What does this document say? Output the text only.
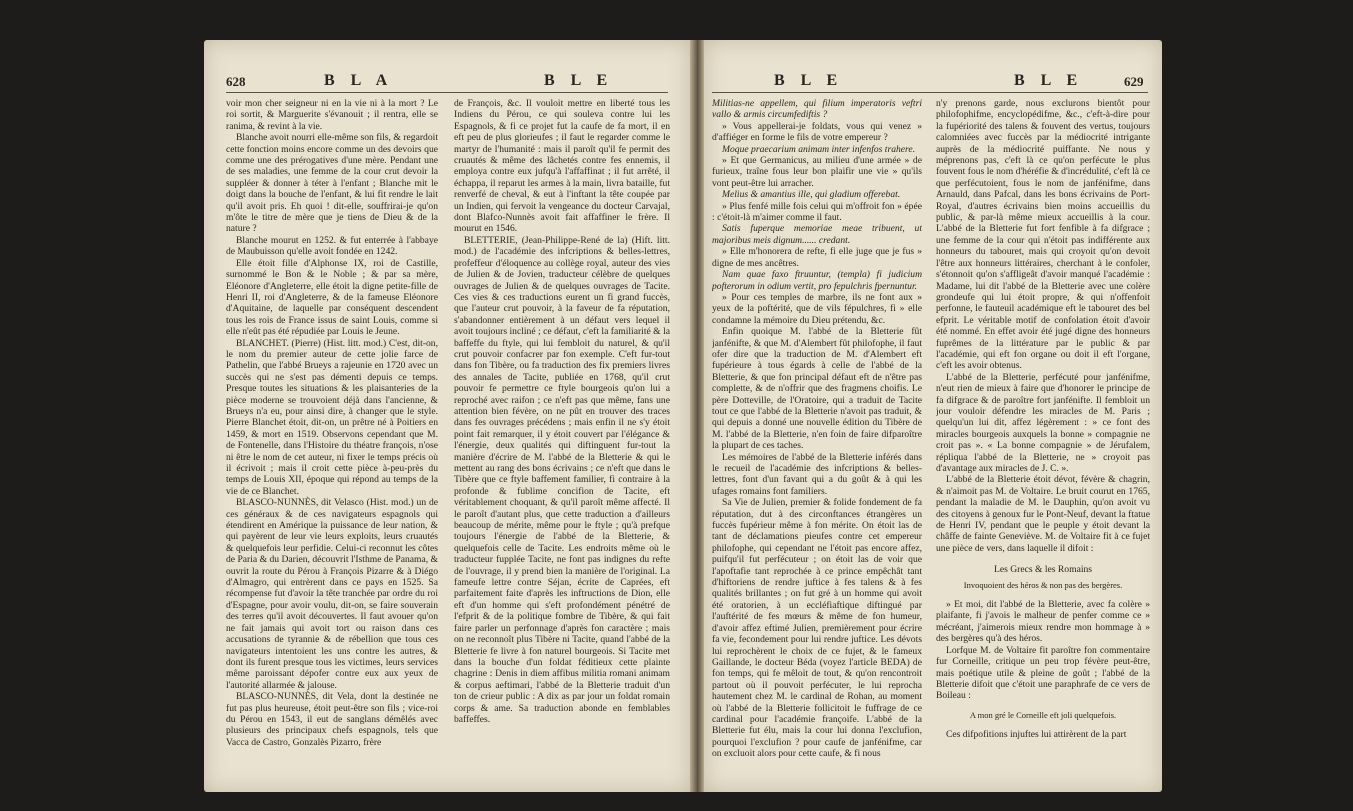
628	B L A	B L E

voir mon cher seigneur ni en la vie ni à la mort ? Le roi sortit, & Marguerite s'évanouit ; il rentra, elle se ranima, & revint à la vie.

Blanche avoit nourri elle-même son fils, & regardoit cette fonction moins encore comme un des devoirs que comme une des prérogatives d'une mère. Pendant une de ses maladies, une femme de la cour crut devoir la suppléer & donner à téter à l'enfant ; Blanche mit le doigt dans la bouche de l'enfant, & lui fit rendre le lait qu'il avoit pris. Eh quoi ! dit-elle, souffrirai-je qu'on m'ôte le titre de mère que je tiens de Dieu & de la nature ?

Blanche mourut en 1252. & fut enterrée à l'abbaye de Maubuisson qu'elle avoit fondée en 1242.

Elle étoit fille d'Alphonse IX, roi de Castille, surnommé le Bon & le Noble ; & par sa mère, Eléonore d'Angleterre, elle étoit la digne petite-fille de Henri II, roi d'Angleterre, & de la fameuse Eléonore d'Aquitaine, de laquelle par conséquent descendent tous les rois de France issus de saint Louis, comme si elle n'eût pas été répudiée par Louis le Jeune.

BLANCHET. (Pierre) (Hist. litt. mod.) C'est, dit-on, le nom du premier auteur de cette jolie farce de Pathelin, que l'abbé Brueys a rajeunie en 1720 avec un succès qui ne s'est pas démenti depuis ce temps. Presque toutes les situations & les plaisanteries de la pièce moderne se trouvoient déjà dans l'ancienne, & Brueys n'a eu, pour ainsi dire, à changer que le style. Pierre Blanchet étoit, dit-on, un prêtre né à Poitiers en 1459, & mort en 1519. Observons cependant que M. de Fontenelle, dans l'Histoire du théatre françois, n'ose ni être le nom de cet auteur, ni fixer le temps précis où il écrivoit ; mais il croit cette pièce à-peu-près du temps de Louis XII, époque qui répond au temps de la vie de ce Blanchet.

BLASCO-NUNNÈS, dit Velasco (Hist. mod.) un de ces généraux & de ces navigateurs espagnols qui étendirent en Amérique la puissance de leur nation, & qui payèrent de leur vie leurs exploits, leurs cruautés & quelquefois leur perfidie. Celui-ci reconnut les côtes de Paria & du Darien, découvrit l'Isthme de Panama, & ouvrit la route du Pérou à François Pizarre & à Diégo d'Almagro, qui entrèrent dans ce pays en 1525. Sa récompense fut d'avoir la tête tranchée par ordre du roi d'Espagne, pour avoir voulu, dit-on, se faire souverain des terres qu'il avoit découvertes. Il faut avouer qu'on ne fait jamais qui avoit tort ou raison dans ces accusations de tyrannie & de rébellion que tous ces navigateurs intentoient les uns contre les autres, & dont ils furent presque tous les victimes, leurs services même paroissant dépofer contre eux aux yeux de l'autorité allarmée & jalouse.

BLASCO-NUNNÈS, dit Vela, dont la destinée ne fut pas plus heureuse, étoit peut-être son fils ; vice-roi du Pérou en 1543, il eut de sanglans démêlés avec plusieurs des principaux chefs espagnols, tels que Vacca de Castro, Gonzalès Pizarro, frère

de François, &c. Il vouloit mettre en liberté tous les Indiens du Pérou, ce qui souleva contre lui les Espagnols, & fi ce projet fut la caufe de fa mort, il en eft peu de plus glorieufes ; il faut le regarder comme le martyr de l'humanité : mais il paroît qu'il fe permit des cruautés & même des lâchetés contre fes ennemis, il employa contre eux jufqu'à l'affaffinat ; il fut arrêté, il échappa, il reparut les armes à la main, livra bataille, fut renverfé de cheval, & eut à l'inftant la tête coupée par un Indien, qui fervoit la vengeance du docteur Carvajal, dont Blafco-Nunnès avoit fait affaffiner le frère. Il mourut en 1546.

BLETTERIE, (Jean-Philippe-René de la) (Hift. litt. mod.) de l'académie des infcriptions & belles-lettres, profeffeur d'éloquence au collège royal, auteur des vies de Julien & de Jovien, traducteur célèbre de quelques ouvrages de Julien & de quelques ouvrages de Tacite. Ces vies & ces traductions eurent un fi grand fuccès, que l'auteur crut pouvoir, à la faveur de fa réputation, s'abandonner entièrement à un défaut vers lequel il avoit toujours incliné ; ce défaut, c'eft la familiarité & la baffeffe du ftyle, qui lui fembloit du naturel, & qu'il crut pouvoir confacrer par fon exemple. C'eft fur-tout dans fon Tibère, ou fa traduction des fix premiers livres des annales de Tacite, publiée en 1768, qu'il crut pouvoir fe permettre ce ftyle bourgeois qu'on lui a reproché avec raifon ; ce n'eft pas que même, fans une attention bien févère, on ne pût en trouver des traces dans fes ouvrages précédens ; mais enfin il ne s'y étoit point fait remarquer, il y étoit couvert par l'élégance & l'énergie, deux qualités qui diftinguent fur-tout la manière d'écrire de M. l'abbé de la Bletterie & qui le mettent au rang des bons écrivains ; ce n'eft que dans le Tibère que ce ftyle baffement familier, fi contraire à la profonde & fublime concifion de Tacite, eft véritablement choquant, & qu'il paroît même affecté. Il le paroît d'autant plus, que cette traduction a d'ailleurs beaucoup de mérite, même pour le ftyle ; qu'à prefque toujours l'énergie de l'abbé de la Bletterie, & quelquefois celle de Tacite. Les endroits même où le traducteur fupplée Tacite, ne font pas indignes du refte de l'ouvrage, il y prend bien la manière de l'original. La fameufe lettre contre Séjan, écrite de Caprées, eft parfaitement faite d'après les inftructions de Dion, elle eft d'un homme qui s'eft profondément pénétré de l'efprit & de la politique fombre de Tibère, & qui fait faire parler un perfonnage d'après fon caractère ; mais on ne reconnoît plus Tibère ni Tacite, quand l'abbé de la Bletterie fe livre à fon naturel bourgeois. Si Tacite met dans la bouche d'un foldat féditieux cette plainte chagrine : Denis in diem affibus militia romani animam & corpus aeftimari, l'abbé de la Bletterie traduit d'un ton de crieur public : A dix as par jour un foldat romain corps & ame. Sa traduction abonde en femblables baffeffes.

B L E	B L E	629

Militias-ne appellem, qui filium imperatoris veftri vallo & armis circumfediftis ?

» Vous appellerai-je foldats, vous qui venez » d'affiéger en forme le fils de votre empereur ?

Moque praecarium animam inter infenfos trahere.

» Et que Germanicus, au milieu d'une armée » de furieux, traîne fous leur bon plaifir une vie » qu'ils vont peut-être lui arracher.

Melius & amantius ille, qui gladium offerebat.

» Plus fenfé mille fois celui qui m'offroit fon » épée : c'étoit-là m'aimer comme il faut.

Satis fuperque memoriae meae tribuent, ut majoribus meis dignum...... credant.

» Elle m'honorera de refte, fi elle juge que je fus » digne de mes ancêtres.

Nam quae faxo ftruuntur, (templa) fi judicium pofterorum in odium vertit, pro fepulchris fpernuntur.

» Pour ces temples de marbre, ils ne font aux » yeux de la poftérité, que de vils fépulchres, fi » elle condamne la mémoire du Dieu prétendu, &c.

Enfin quoique M. l'abbé de la Bletterie fût janfénifte, & que M. d'Alembert fût philofophe, il faut ofer dire que la traduction de M. d'Alembert eft fupérieure à tous égards à celle de l'abbé de la Bletterie, & que fon principal défaut eft de n'être pas complette, & de n'offrir que des fragmens choifis. Le père Dotteville, de l'Oratoire, qui a traduit de Tacite tout ce que l'abbé de la Bletterie n'avoit pas traduit, & qui depuis a donné une nouvelle édition du Tibère de M. l'abbé de la Bletterie, n'en foin de faire difparoître la plupart de ces taches.

Les mémoires de l'abbé de la Bletterie inférés dans le recueil de l'académie des infcriptions & belles-lettres, font d'un favant qui a du goût & à qui les ufages romains font familiers.

Sa Vie de Julien, premier & folide fondement de fa réputation, dut à des circonftances étrangères un fuccès fupérieur même à fon mérite. On étoit las de tant de déclamations pieufes contre cet empereur philofophe, qui cependant ne l'étoit pas encore affez, puifqu'il fut perfécuteur ; on étoit las de voir que l'apoftafie tant reprochée à ce prince empêchât tant d'hiftoriens de rendre juftice à fes talens & à fes qualités brillantes ; on fut gré à un homme qui avoit été oratorien, à un eccléfiaftique diftingué par l'auftérité de fes mœurs & même de fon humeur, d'avoir affez eftimé Julien, premièrement pour écrire fa vie, fecondement pour lui rendre juftice. Les dévots lui reprochèrent le choix de ce fujet, & le fameux Gaillande, le docteur Béda (voyez l'article BEDA) de fon temps, qui fe mêloit de tout, & qu'on rencontroit partout où il pouvoit perfécuter, le lui reprocha hautement chez M. le cardinal de Rohan, au moment où l'abbé de la Bletterie follicitoit le fuffrage de ce cardinal pour l'académie françoife. L'abbé de la Bletterie fut élu, mais la cour lui donna l'exclufion, pourquoi l'exclufion ? pour caufe de janfénifme, car on excluoit alors pour cette caufe, & fi nous

n'y prenons garde, nous exclurons bientôt pour philofophifme, encyclopédifme, &c., c'eft-à-dire pour la fupériorité des talens & fouvent des vertus, toujours calomniées avec fuccès par la médiocrité intrigante auprès de la médiocrité puiffante. Ne nous y méprenons pas, c'eft là ce qu'on perfécute le plus fouvent fous le nom d'héréfie & d'incrédulité, c'eft là ce que perfécutoient, fous le nom de janfénifme, dans Arnauld, dans Pafcal, dans les bons écrivains de Port-Royal, d'autres écrivains bien moins accueillis du public, & par-là même mieux accueillis à la cour. L'abbé de la Bletterie fut fort fenfible à fa difgrace ; une femme de la cour qui n'étoit pas indifférente aux honneurs du tabouret, mais qui croyoit qu'on devoit l'être aux honneurs littéraires, cherchant à le confoler, s'étonnoit qu'on s'affligeât d'avoir manqué l'académie : Madame, lui dit l'abbé de la Bletterie avec une colère grondeufe qui lui étoit propre, & qui n'offenfoit perfonne, le fauteuil académique eft le tabouret des bel efprit. Le véritable motif de confolation étoit d'avoir été nommé. En effet avoir été jugé digne des honneurs fuprêmes de la littérature par le public & par l'académie, qui eft fon organe ou doit il eft l'organe, c'eft les avoir obtenus.

L'abbé de la Bletterie, perfécuté pour janfénifme, n'eut rien de mieux à faire que d'honorer le principe de fa difgrace & de paroître fort janfénifte. Il fembloit un jour vouloir défendre les miracles de M. Paris ; quelqu'un lui dit, affez légèrement : » ce font des miracles bourgeois auxquels la bonne » compagnie ne croit pas ». « La bonne compagnie » de Jérufalem, répliqua l'abbé de la Bletterie, ne » croyoit pas d'avantage aux miracles de J. C. ».

L'abbé de la Bletterie étoit dévot, févère & chagrin, & n'aimoit pas M. de Voltaire. Le bruit courut en 1765, pendant la maladie de M. le Dauphin, qu'on avoit vu des citoyens à genoux fur le Pont-Neuf, devant la ftatue de Henri IV, pendant que le peuple y étoit devant la châffe de fainte Geneviève. M. de Voltaire fit à ce fujet une pièce de vers, dans laquelle il difoit :

Les Grecs & les Romains

Invoquoient des héros & non pas des bergères.

» Et moi, dit l'abbé de la Bletterie, avec fa colère » plaifante, fi j'avois le malheur de penfer comme ce » mécréant, j'aimerois mieux rendre mon hommage à » des bergères qu'à des héros.

Lorfque M. de Voltaire fit paroître fon commentaire fur Corneille, critique un peu trop févère peut-être, mais poétique utile & pleine de goût ; l'abbé de la Bletterie difoit que c'étoit une paraphrafe de ce vers de Boileau :

A mon gré le Corneille eft joli quelquefois.

Ces difpofitions injuftes lui attirèrent de la part
